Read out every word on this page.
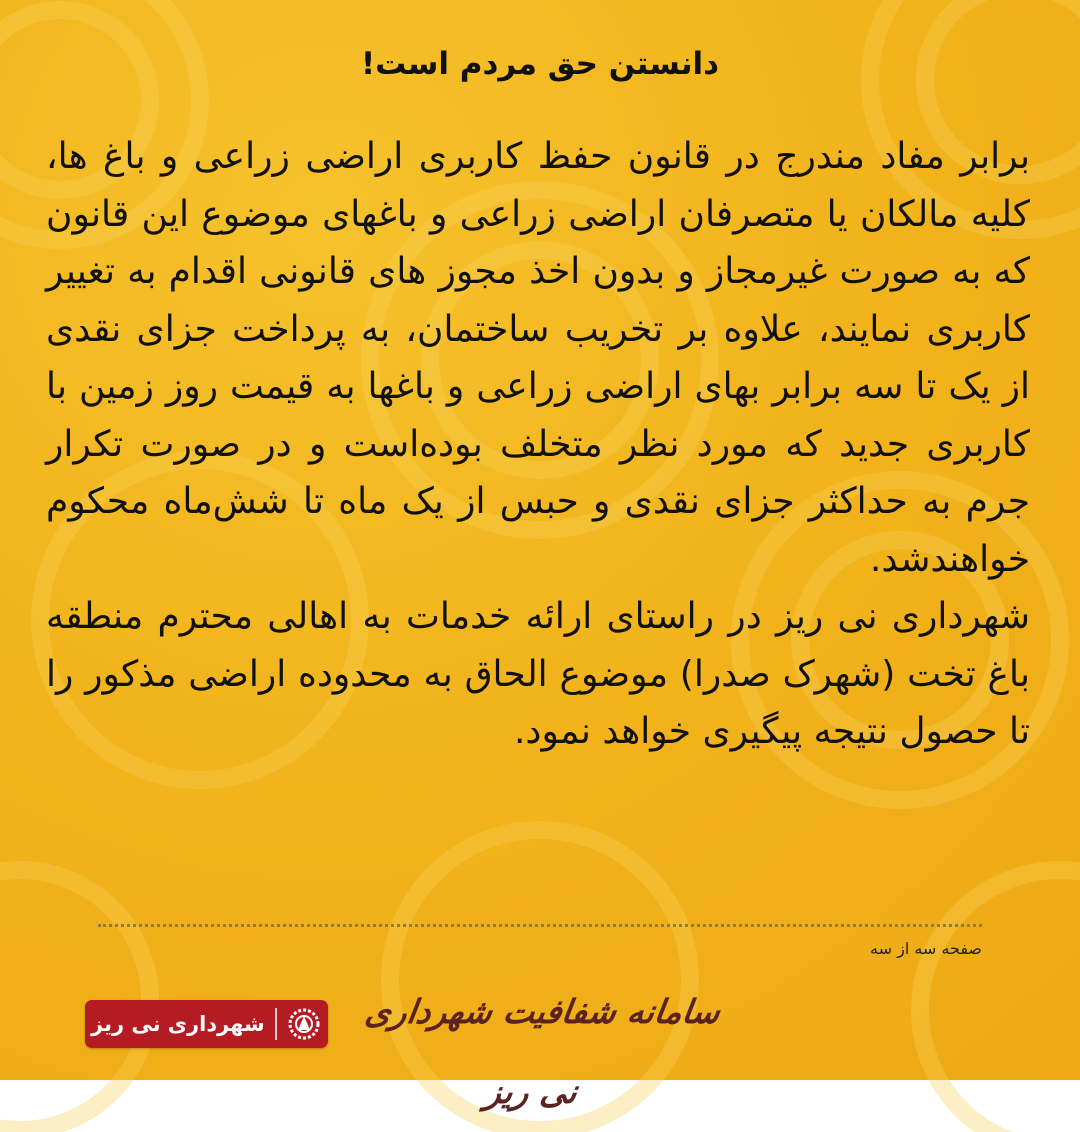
دانستن حق مردم است!

برابر مفاد مندرج در قانون حفظ کاربری اراضی زراعی و باغ ها، کلیه مالکان یا متصرفان اراضی زراعی و باغهای موضوع این قانون که به صورت غیرمجاز و بدون اخذ مجوز های قانونی اقدام به تغییر کاربری نمایند، علاوه بر تخریب ساختمان، به پرداخت جزای نقدی از یک تا سه برابر بهای اراضی زراعی و باغها به قیمت روز زمین با کاربری جدید که مورد نظر متخلف بوده‌است و در صورت تکرار جرم به حداکثر جزای نقدی و حبس از یک ماه تا شش‌ماه محکوم خواهندشد.

شهرداری نی ریز در راستای ارائه خدمات به اهالی محترم منطقه باغ تخت (شهرک صدرا) موضوع الحاق به محدوده اراضی مذکور را تا حصول نتیجه پیگیری خواهد نمود.

صفحه سه از سه
سامانه شفافیت شهرداری نی ریز
شهرداری نی ریز
